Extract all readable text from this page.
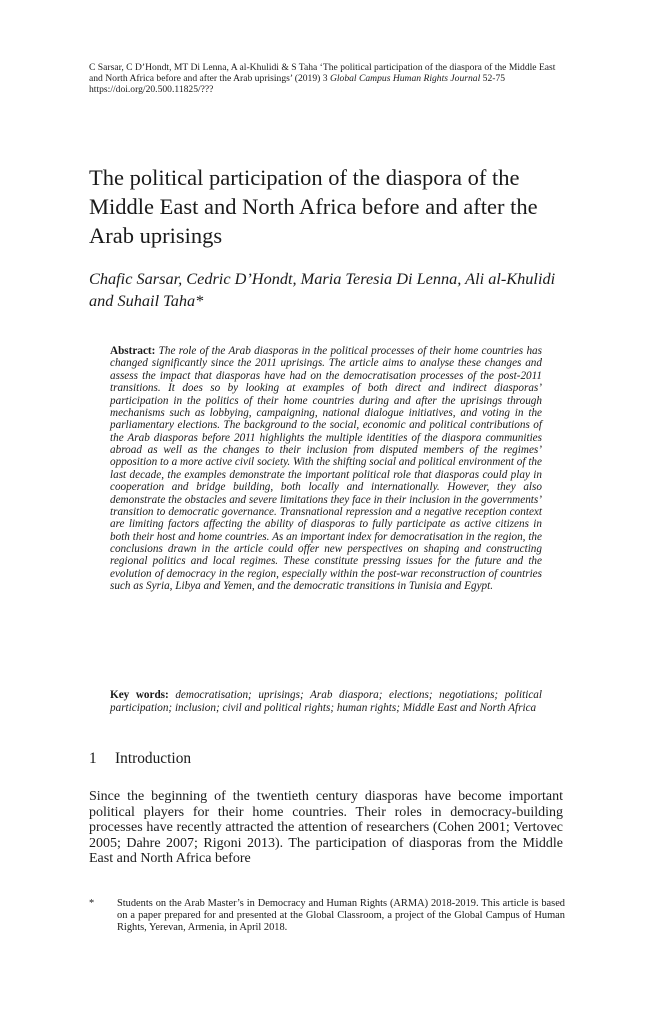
C Sarsar, C D’Hondt, MT Di Lenna, A al-Khulidi & S Taha ‘The political participation of the diaspora of the Middle East and North Africa before and after the Arab uprisings’ (2019) 3 Global Campus Human Rights Journal 52-75
https://doi.org/20.500.11825/???
The political participation of the diaspora of the Middle East and North Africa before and after the Arab uprisings

Chafic Sarsar, Cedric D’Hondt, Maria Teresia Di Lenna, Ali al-Khulidi and Suhail Taha*

Abstract: The role of the Arab diasporas in the political processes of their home countries has changed significantly since the 2011 uprisings. The article aims to analyse these changes and assess the impact that diasporas have had on the democratisation processes of the post-2011 transitions. It does so by looking at examples of both direct and indirect diasporas’ participation in the politics of their home countries during and after the uprisings through mechanisms such as lobbying, campaigning, national dialogue initiatives, and voting in the parliamentary elections. The background to the social, economic and political contributions of the Arab diasporas before 2011 highlights the multiple identities of the diaspora communities abroad as well as the changes to their inclusion from disputed members of the regimes’ opposition to a more active civil society. With the shifting social and political environment of the last decade, the examples demonstrate the important political role that diasporas could play in cooperation and bridge building, both locally and internationally. However, they also demonstrate the obstacles and severe limitations they face in their inclusion in the governments’ transition to democratic governance. Transnational repression and a negative reception context are limiting factors affecting the ability of diasporas to fully participate as active citizens in both their host and home countries. As an important index for democratisation in the region, the conclusions drawn in the article could offer new perspectives on shaping and constructing regional politics and local regimes. These constitute pressing issues for the future and the evolution of democracy in the region, especially within the post-war reconstruction of countries such as Syria, Libya and Yemen, and the democratic transitions in Tunisia and Egypt.

Key words: democratisation; uprisings; Arab diaspora; elections; negotiations; political participation; inclusion; civil and political rights; human rights; Middle East and North Africa

1 Introduction

Since the beginning of the twentieth century diasporas have become important political players for their home countries. Their roles in democracy-building processes have recently attracted the attention of researchers (Cohen 2001; Vertovec 2005; Dahre 2007; Rigoni 2013). The participation of diasporas from the Middle East and North Africa before

* Students on the Arab Master’s in Democracy and Human Rights (ARMA) 2018-2019. This article is based on a paper prepared for and presented at the Global Classroom, a project of the Global Campus of Human Rights, Yerevan, Armenia, in April 2018.
